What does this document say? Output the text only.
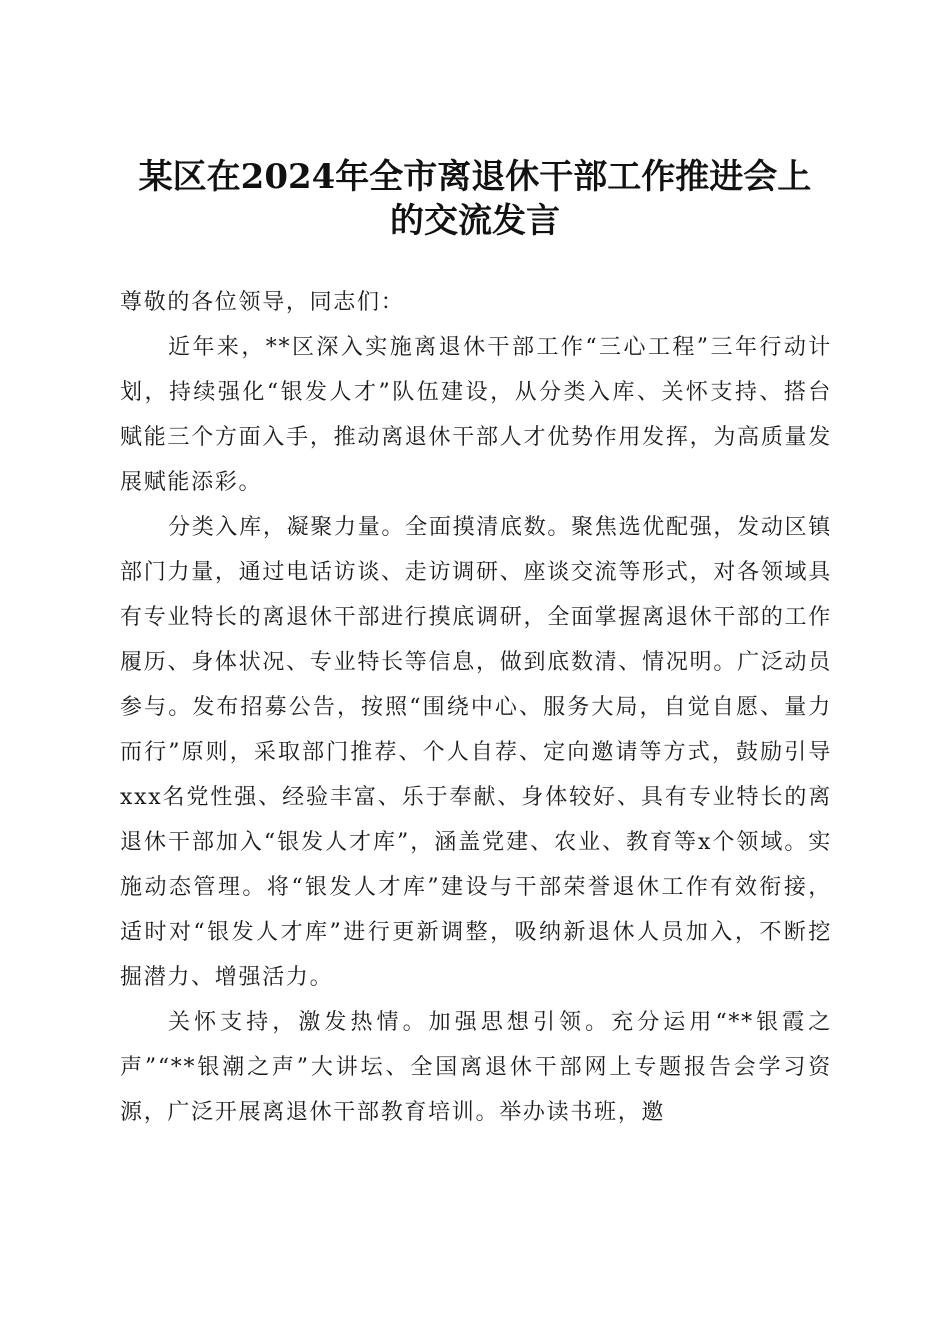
某区在2024年全市离退休干部工作推进会上
的交流发言

尊敬的各位领导，同志们：

近年来，**区深入实施离退休干部工作“三心工程”三年行动计划，持续强化“银发人才”队伍建设，从分类入库、关怀支持、搭台赋能三个方面入手，推动离退休干部人才优势作用发挥，为高质量发展赋能添彩。

分类入库，凝聚力量。全面摸清底数。聚焦选优配强，发动区镇部门力量，通过电话访谈、走访调研、座谈交流等形式，对各领域具有专业特长的离退休干部进行摸底调研，全面掌握离退休干部的工作履历、身体状况、专业特长等信息，做到底数清、情况明。广泛动员参与。发布招募公告，按照“围绕中心、服务大局，自觉自愿、量力而行”原则，采取部门推荐、个人自荐、定向邀请等方式，鼓励引导xxx名党性强、经验丰富、乐于奉献、身体较好、具有专业特长的离退休干部加入“银发人才库”，涵盖党建、农业、教育等x个领域。实施动态管理。将“银发人才库”建设与干部荣誉退休工作有效衔接，适时对“银发人才库”进行更新调整，吸纳新退休人员加入，不断挖掘潜力、增强活力。

关怀支持，激发热情。加强思想引领。充分运用“**银霞之声”“**银潮之声”大讲坛、全国离退休干部网上专题报告会学习资源，广泛开展离退休干部教育培训。举办读书班，邀
